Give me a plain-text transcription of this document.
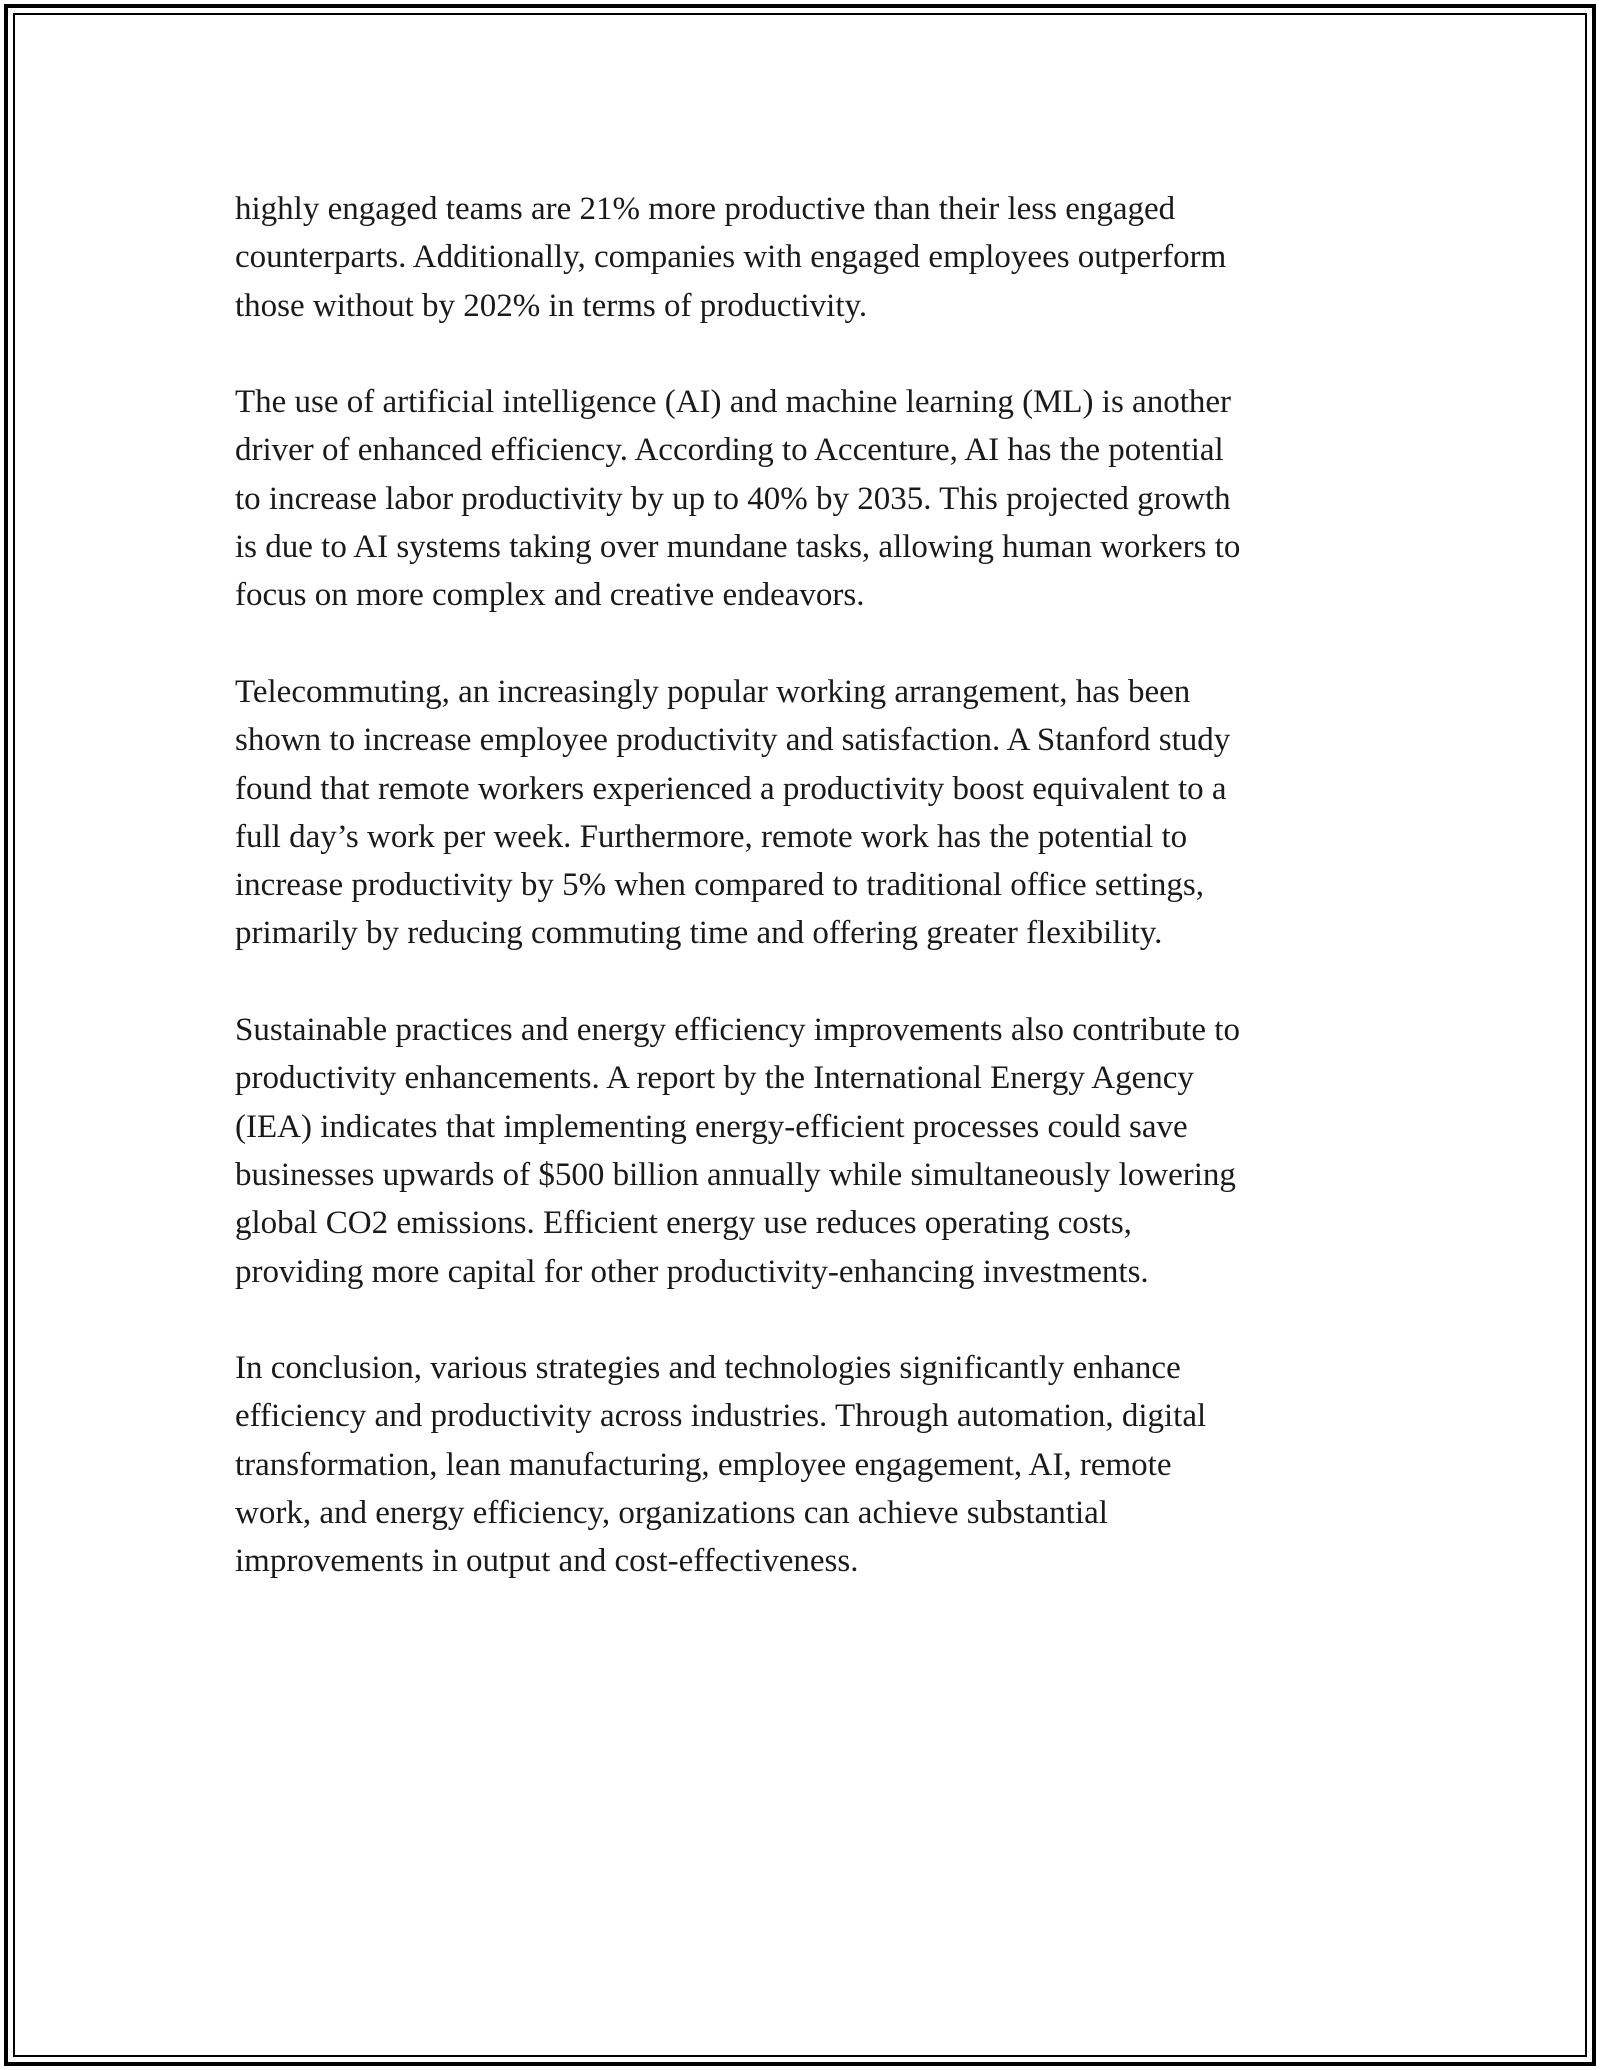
highly engaged teams are 21% more productive than their less engaged
counterparts. Additionally, companies with engaged employees outperform
those without by 202% in terms of productivity.

The use of artificial intelligence (AI) and machine learning (ML) is another
driver of enhanced efficiency. According to Accenture, AI has the potential
to increase labor productivity by up to 40% by 2035. This projected growth
is due to AI systems taking over mundane tasks, allowing human workers to
focus on more complex and creative endeavors.

Telecommuting, an increasingly popular working arrangement, has been
shown to increase employee productivity and satisfaction. A Stanford study
found that remote workers experienced a productivity boost equivalent to a
full day’s work per week. Furthermore, remote work has the potential to
increase productivity by 5% when compared to traditional office settings,
primarily by reducing commuting time and offering greater flexibility.

Sustainable practices and energy efficiency improvements also contribute to
productivity enhancements. A report by the International Energy Agency
(IEA) indicates that implementing energy-efficient processes could save
businesses upwards of $500 billion annually while simultaneously lowering
global CO2 emissions. Efficient energy use reduces operating costs,
providing more capital for other productivity-enhancing investments.

In conclusion, various strategies and technologies significantly enhance
efficiency and productivity across industries. Through automation, digital
transformation, lean manufacturing, employee engagement, AI, remote
work, and energy efficiency, organizations can achieve substantial
improvements in output and cost-effectiveness.
